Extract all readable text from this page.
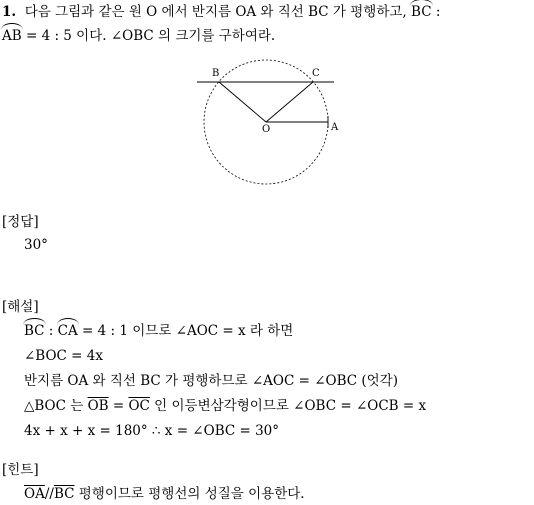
1. 다음 그림과 같은 원 O 에서 반지름 OA 와 직선 BC 가 평행하고, BC :
AB = 4 : 5 이다. ∠OBC 의 크기를 구하여라.
B	C
O	A
[정답]
30°
[해설]
BC : CA = 4 : 1 이므로 ∠AOC = x 라 하면
∠BOC = 4x
반지름 OA 와 직선 BC 가 평행하므로 ∠AOC = ∠OBC (엇각)
△BOC 는 $\overline{OB} = \overline{OC}$ 인 이등변삼각형이므로 ∠OBC = ∠OCB = x
4x + x + x = 180° ∴ x = ∠OBC = 30°
[힌트]
$\overline{OA}//\overline{BC}$ 평행이므로 평행선의 성질을 이용한다.
